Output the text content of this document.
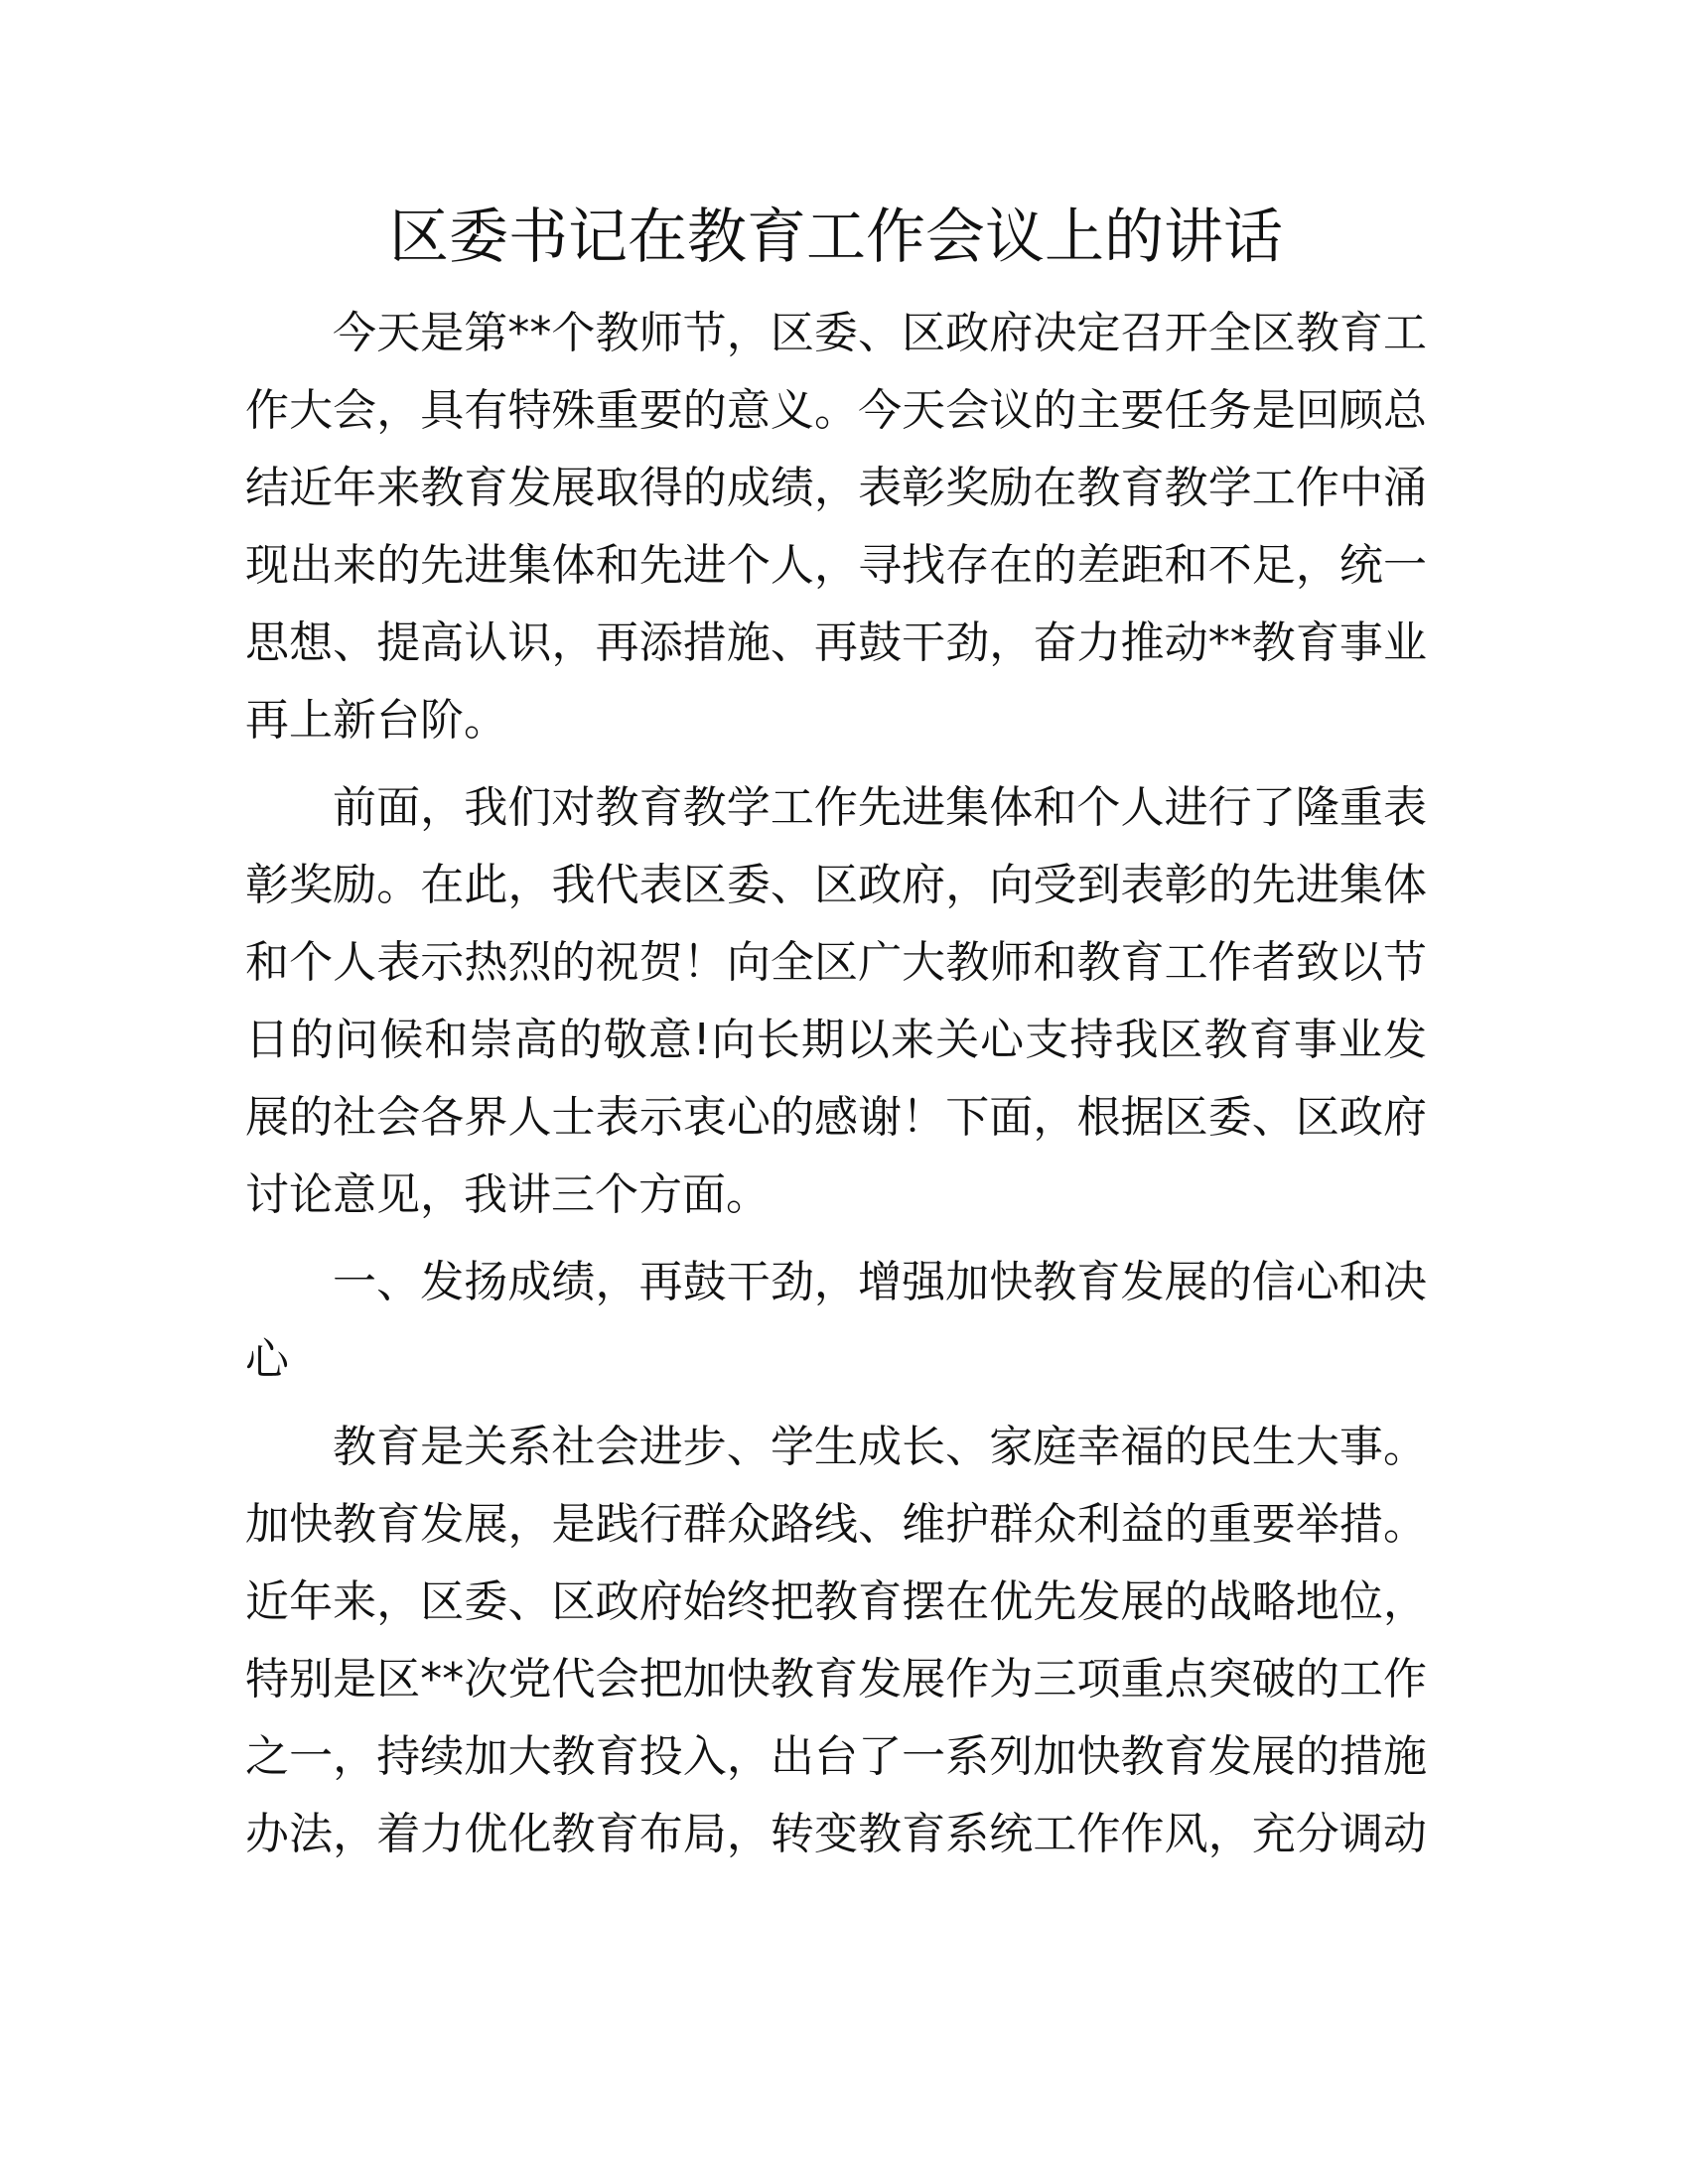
区委书记在教育工作会议上的讲话
今天是第**个教师节，区委、区政府决定召开全区教育工
作大会，具有特殊重要的意义。今天会议的主要任务是回顾总
结近年来教育发展取得的成绩，表彰奖励在教育教学工作中涌
现出来的先进集体和先进个人，寻找存在的差距和不足，统一
思想、提高认识，再添措施、再鼓干劲，奋力推动**教育事业
再上新台阶。
前面，我们对教育教学工作先进集体和个人进行了隆重表
彰奖励。在此，我代表区委、区政府，向受到表彰的先进集体
和个人表示热烈的祝贺！向全区广大教师和教育工作者致以节
日的问候和崇高的敬意!向长期以来关心支持我区教育事业发
展的社会各界人士表示衷心的感谢！下面，根据区委、区政府
讨论意见，我讲三个方面。
一、发扬成绩，再鼓干劲，增强加快教育发展的信心和决
心
教育是关系社会进步、学生成长、家庭幸福的民生大事。
加快教育发展，是践行群众路线、维护群众利益的重要举措。
近年来，区委、区政府始终把教育摆在优先发展的战略地位，
特别是区**次党代会把加快教育发展作为三项重点突破的工作
之一，持续加大教育投入，出台了一系列加快教育发展的措施
办法，着力优化教育布局，转变教育系统工作作风，充分调动
